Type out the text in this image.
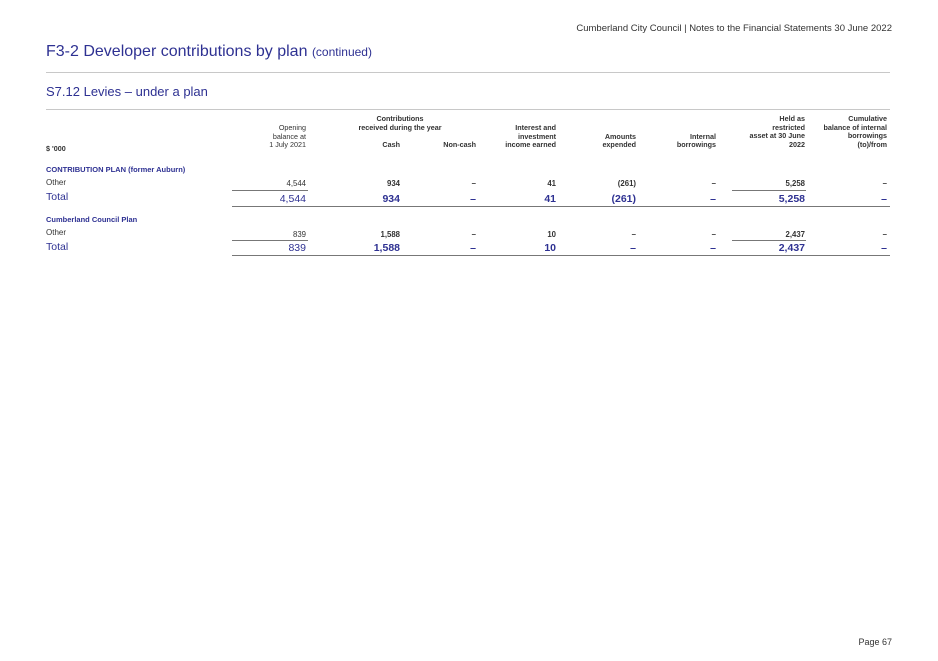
Cumberland City Council | Notes to the Financial Statements 30 June 2022
F3-2 Developer contributions by plan (continued)
S7.12 Levies – under a plan
$ '000
Opening
balance at
1 July 2021
Contributions
received during the year
Cash	Non-cash
Interest and
investment
income earned
Amounts
expended
Internal
borrowings
Held as
restricted
asset at 30 June
2022
Cumulative
balance of internal
borrowings
(to)/from
CONTRIBUTION PLAN (former Auburn)
Other	4,544	934	–	41	(261)	–	5,258	–
Total	4,544	934	–	41	(261)	–	5,258	–
Cumberland Council Plan
Other	839	1,588	–	10	–	–	2,437	–
Total	839	1,588	–	10	–	–	2,437	–
Page 67
